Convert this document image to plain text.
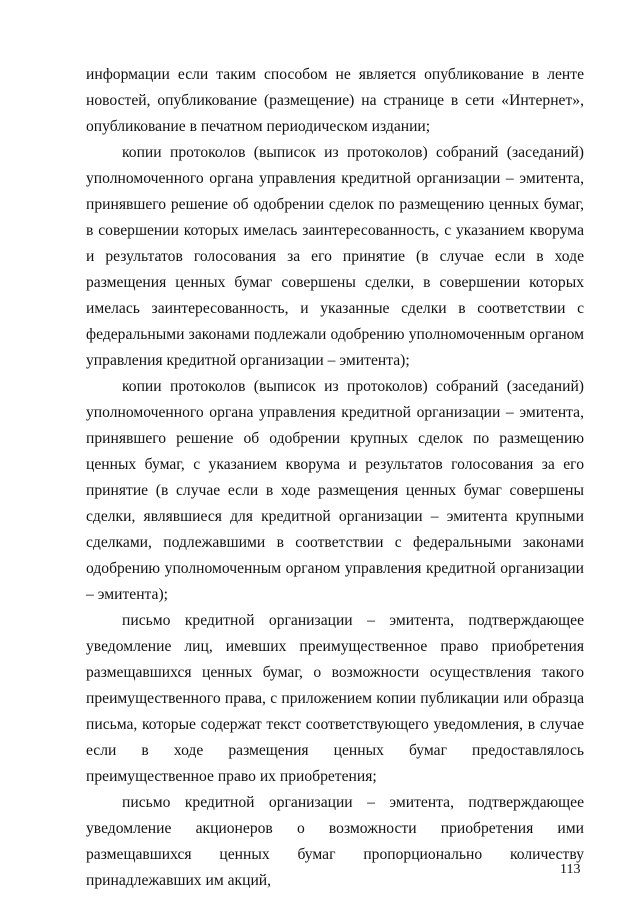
информации если таким способом не является опубликование в ленте новостей, опубликование (размещение) на странице в сети «Интернет», опубликование в печатном периодическом издании;

копии протоколов (выписок из протоколов) собраний (заседаний) уполномоченного органа управления кредитной организации – эмитента, принявшего решение об одобрении сделок по размещению ценных бумаг, в совершении которых имелась заинтересованность, с указанием кворума и результатов голосования за его принятие (в случае если в ходе размещения ценных бумаг совершены сделки, в совершении которых имелась заинтересованность, и указанные сделки в соответствии с федеральными законами подлежали одобрению уполномоченным органом управления кредитной организации – эмитента);

копии протоколов (выписок из протоколов) собраний (заседаний) уполномоченного органа управления кредитной организации – эмитента, принявшего решение об одобрении крупных сделок по размещению ценных бумаг, с указанием кворума и результатов голосования за его принятие (в случае если в ходе размещения ценных бумаг совершены сделки, являвшиеся для кредитной организации – эмитента крупными сделками, подлежавшими в соответствии с федеральными законами одобрению уполномоченным органом управления кредитной организации – эмитента);

письмо кредитной организации – эмитента, подтверждающее уведомление лиц, имевших преимущественное право приобретения размещавшихся ценных бумаг, о возможности осуществления такого преимущественного права, с приложением копии публикации или образца письма, которые содержат текст соответствующего уведомления, в случае если в ходе размещения ценных бумаг предоставлялось преимущественное право их приобретения;

письмо кредитной организации – эмитента, подтверждающее уведомление акционеров о возможности приобретения ими размещавшихся ценных бумаг пропорционально количеству принадлежавших им акций,

113
